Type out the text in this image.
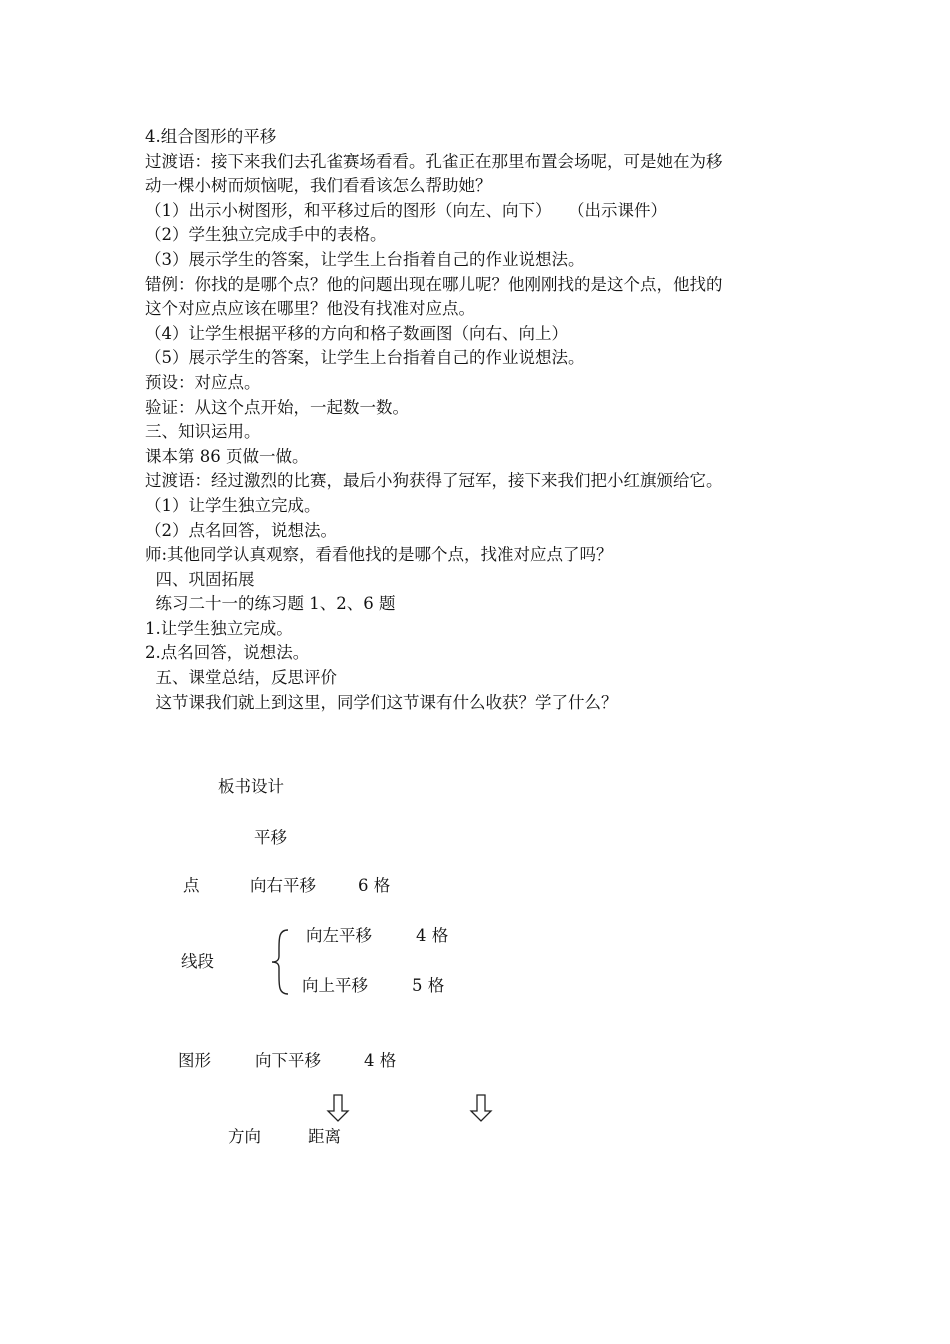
4.组合图形的平移
过渡语：接下来我们去孔雀赛场看看。孔雀正在那里布置会场呢，可是她在为移
动一棵小树而烦恼呢，我们看看该怎么帮助她？
（1）出示小树图形，和平移过后的图形（向左、向下）　　（出示课件）
（2）学生独立完成手中的表格。
（3）展示学生的答案，让学生上台指着自己的作业说想法。
错例：你找的是哪个点？他的问题出现在哪儿呢？他刚刚找的是这个点，他找的
这个对应点应该在哪里？他没有找准对应点。
（4）让学生根据平移的方向和格子数画图（向右、向上）
（5）展示学生的答案，让学生上台指着自己的作业说想法。
预设：对应点。
验证：从这个点开始，一起数一数。
三、知识运用。
课本第 86 页做一做。
过渡语：经过激烈的比赛，最后小狗获得了冠军，接下来我们把小红旗颁给它。
（1）让学生独立完成。
（2）点名回答，说想法。
师:其他同学认真观察，看看他找的是哪个点，找准对应点了吗？
四、巩固拓展
练习二十一的练习题 1、2、6 题
1.让学生独立完成。
2.点名回答，说想法。
五、课堂总结，反思评价
这节课我们就上到这里，同学们这节课有什么收获？学了什么？
板书设计
平移
点	向右平移	6 格
线段
向左平移	4 格
向上平移	5 格
图形	向下平移	4 格
方向	距离
